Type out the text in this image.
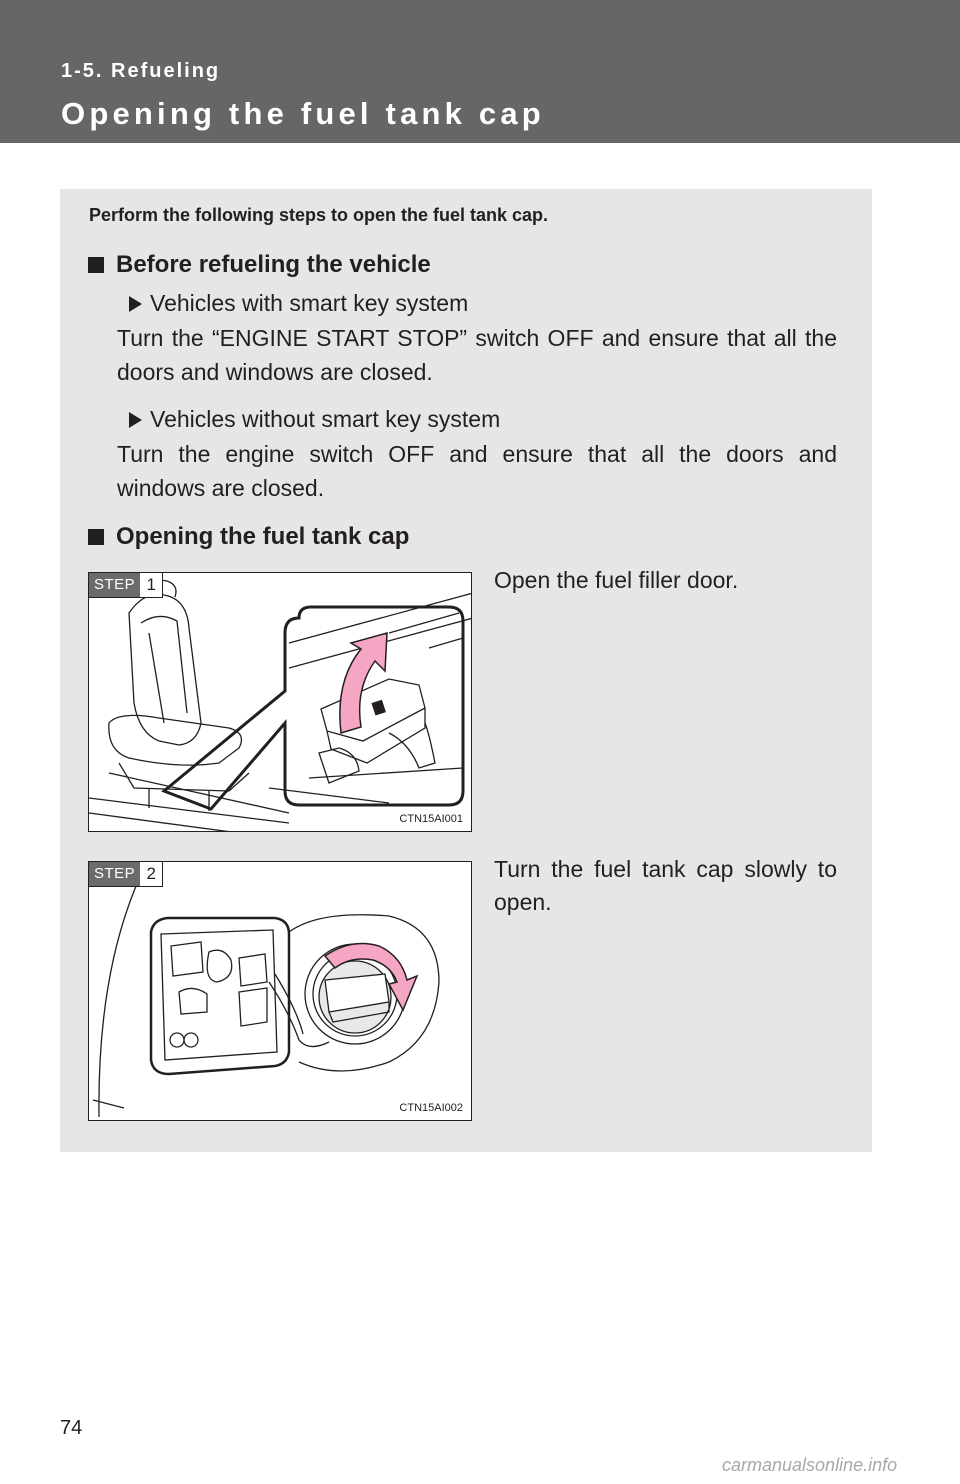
1-5. Refueling
Opening the fuel tank cap
Perform the following steps to open the fuel tank cap.
Before refueling the vehicle
Vehicles with smart key system
Turn the “ENGINE START STOP” switch OFF and ensure that all the doors and windows are closed.
Vehicles without smart key system
Turn the engine switch OFF and ensure that all the doors and windows are closed.
Opening the fuel tank cap
STEP 1
CTN15AI001
Open the fuel filler door.
STEP 2
CTN15AI002
Turn the fuel tank cap slowly to open.
74
carmanualsonline.info
